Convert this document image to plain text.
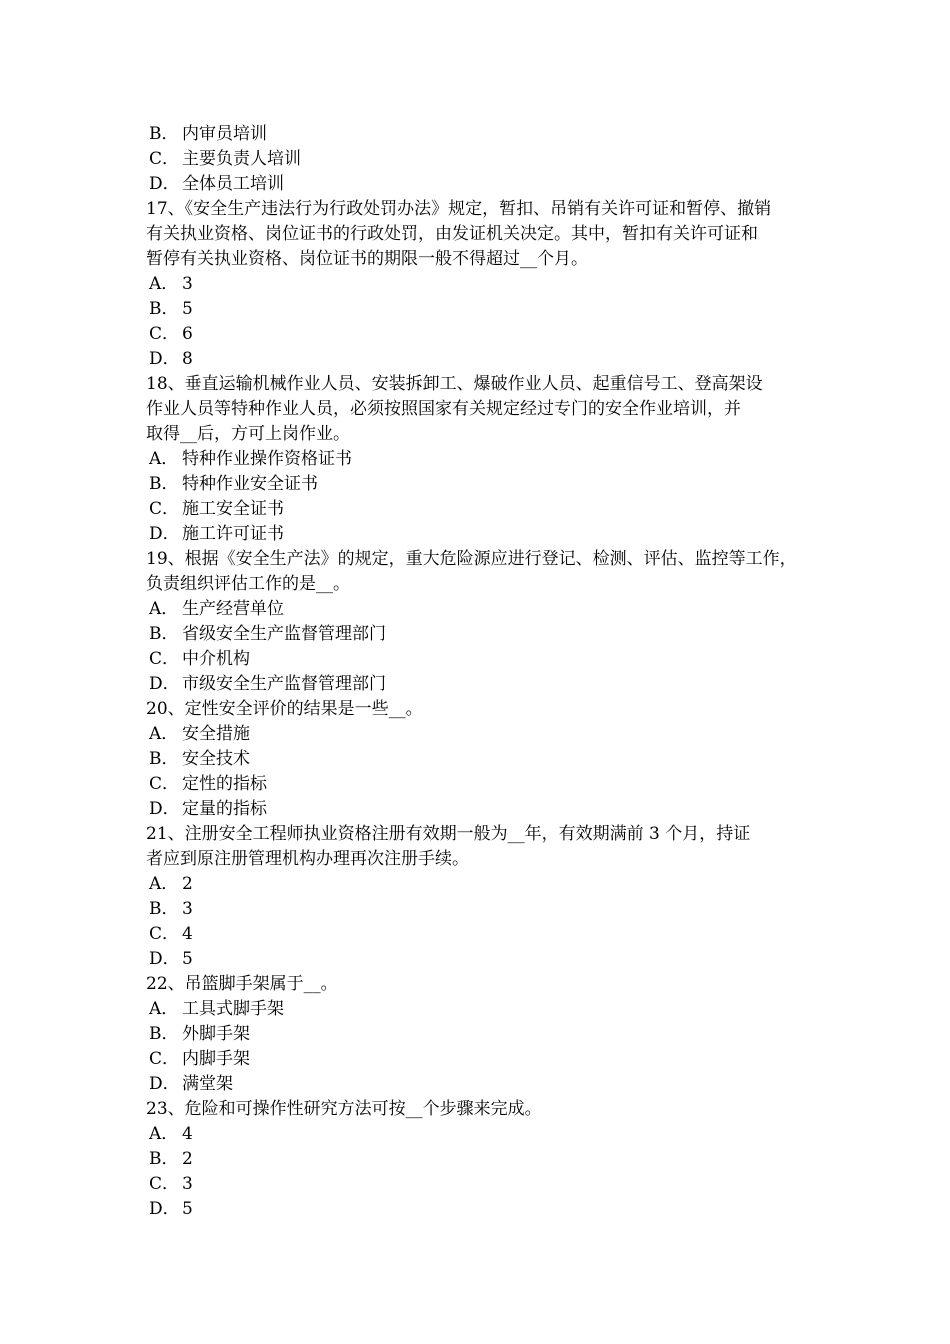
B． 内审员培训
C． 主要负责人培训
D． 全体员工培训
17、《安全生产违法行为行政处罚办法》规定，暂扣、吊销有关许可证和暂停、撤销
有关执业资格、岗位证书的行政处罚，由发证机关决定。其中，暂扣有关许可证和
暂停有关执业资格、岗位证书的期限一般不得超过__个月。
A． 3
B． 5
C． 6
D． 8
18、垂直运输机械作业人员、安装拆卸工、爆破作业人员、起重信号工、登高架设
作业人员等特种作业人员，必须按照国家有关规定经过专门的安全作业培训，并
取得__后，方可上岗作业。
A． 特种作业操作资格证书
B． 特种作业安全证书
C． 施工安全证书
D． 施工许可证书
19、根据《安全生产法》的规定，重大危险源应进行登记、检测、评估、监控等工作，
负责组织评估工作的是__。
A． 生产经营单位
B． 省级安全生产监督管理部门
C． 中介机构
D． 市级安全生产监督管理部门
20、定性安全评价的结果是一些__。
A． 安全措施
B． 安全技术
C． 定性的指标
D． 定量的指标
21、注册安全工程师执业资格注册有效期一般为__年，有效期满前 3 个月，持证
者应到原注册管理机构办理再次注册手续。
A． 2
B． 3
C． 4
D． 5
22、吊篮脚手架属于__。
A． 工具式脚手架
B． 外脚手架
C． 内脚手架
D． 满堂架
23、危险和可操作性研究方法可按__个步骤来完成。
A． 4
B． 2
C． 3
D． 5
